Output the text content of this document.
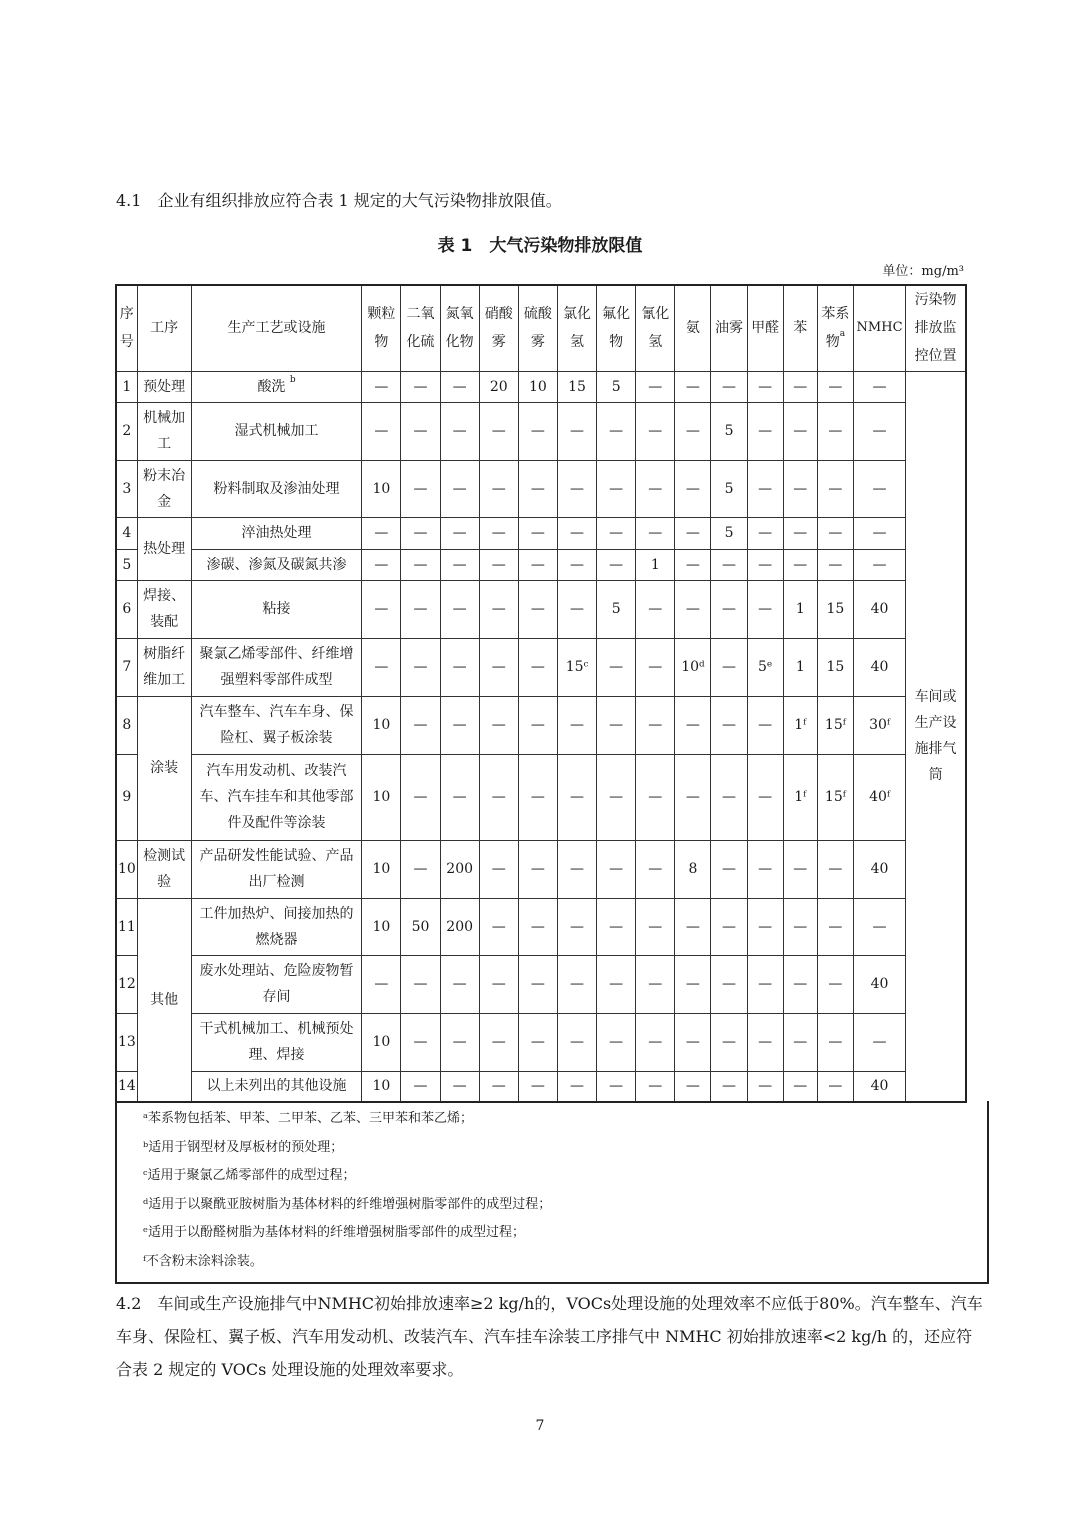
4.1　企业有组织排放应符合表 1 规定的大气污染物排放限值。
表 1　大气污染物排放限值
单位：mg/m³
序号	工序	生产工艺或设施	颗粒物	二氧化硫	氮氧化物	硝酸雾	硫酸雾	氯化氢	氟化物	氰化氢	氨	油雾	甲醛	苯	苯系物$^a$	NMHC	污染物排放监控位置
1	预处理	酸洗 $^b$	—	—	—	20	10	15	5	—	—	—	—	—	—	—	车间或生产设施排气筒
2	机械加工	湿式机械加工	—	—	—	—	—	—	—	—	—	5	—	—	—	—	
3	粉末冶金	粉料制取及渗油处理	10	—	—	—	—	—	—	—	—	5	—	—	—	—	
4	热处理	淬油热处理	—	—	—	—	—	—	—	—	—	5	—	—	—	—	
5		渗碳、渗氮及碳氮共渗	—	—	—	—	—	—	—	1	—	—	—	—	—	—	
6	焊接、装配	粘接	—	—	—	—	—	—	5	—	—	—	—	1	15	40	
7	树脂纤维加工	聚氯乙烯零部件、纤维增强塑料零部件成型	—	—	—	—	—	15ᶜ	—	—	10ᵈ	—	5ᵉ	1	15	40	
8	涂装	汽车整车、汽车车身、保险杠、翼子板涂装	10	—	—	—	—	—	—	—	—	—	—	1ᶠ	15ᶠ	30ᶠ	
9		汽车用发动机、改装汽车、汽车挂车和其他零部件及配件等涂装	10	—	—	—	—	—	—	—	—	—	—	1ᶠ	15ᶠ	40ᶠ	
10	检测试验	产品研发性能试验、产品出厂检测	10	—	200	—	—	—	—	—	8	—	—	—	—	40	
11	其他	工件加热炉、间接加热的燃烧器	10	50	200	—	—	—	—	—	—	—	—	—	—	—	
12		废水处理站、危险废物暂存间	—	—	—	—	—	—	—	—	—	—	—	—	—	40	
13		干式机械加工、机械预处理、焊接	10	—	—	—	—	—	—	—	—	—	—	—	—	—	
14		以上未列出的其他设施	10	—	—	—	—	—	—	—	—	—	—	—	—	40	
ᵃ苯系物包括苯、甲苯、二甲苯、乙苯、三甲苯和苯乙烯；
ᵇ适用于钢型材及厚板材的预处理；
ᶜ适用于聚氯乙烯零部件的成型过程；
ᵈ适用于以聚酰亚胺树脂为基体材料的纤维增强树脂零部件的成型过程；
ᵉ适用于以酚醛树脂为基体材料的纤维增强树脂零部件的成型过程；
ᶠ不含粉末涂料涂装。
4.2　车间或生产设施排气中NMHC初始排放速率≥2 kg/h的，VOCs处理设施的处理效率不应低于80%。汽车整车、汽车车身、保险杠、翼子板、汽车用发动机、改装汽车、汽车挂车涂装工序排气中 NMHC 初始排放速率<2 kg/h 的，还应符合表 2 规定的 VOCs 处理设施的处理效率要求。
7
